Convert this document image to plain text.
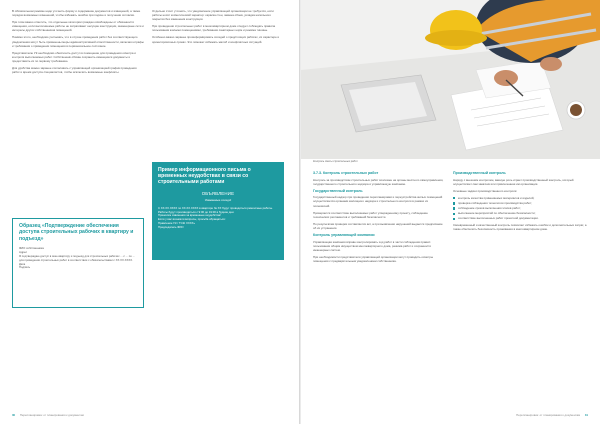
В обязательном режиме надо уточнить форму и содержание документов и извещений, а также порядок возможных изменений, чтобы избежать ошибок при подаче и получении согласия.

При этом важно отметить, что отдельные категории граждан освобождены от обязанности извещения, если выполняемые работы не затрагивают несущие конструкции, инженерные сети и интересы других собственников помещений.

Помимо этого, необходимо учитывать, что в случае проведения работ без соответствующего уведомления могут быть применены меры административной ответственности, включая штрафы и требования о приведении помещения в первоначальное состояние.

Представителю УК необходимо обеспечить доступ в помещение для проведения осмотра и контроля выполняемых работ. Собственник обязан сохранить имеющиеся документы и предоставить их по первому требованию.

Для удобства можно заранее согласовать с управляющей организацией график проведения работ и время доступа специалистов, чтобы исключить возможные конфликты.

Образец «Подтверждение обеспечения доступа строительных рабочих в квартиру и подъезд»
ФИО собственника
Адрес
Я подтверждаю доступ в мою квартиру и подъезд для строительных рабочих ... с ... по ... для проведения строительных работ в соответствии с обязательствами с XX.XX.XXXX.
Дата
Подпись

Отдельно стоит уточнить, что уведомление управляющей организации не требуется, если работы носят косметический характер: окраска стен, замена обоев, укладка напольного покрытия без изменения конструкции.

При проведении строительных работ в многоквартирном доме следует соблюдать правила пользования жилыми помещениями, требования санитарных норм и режима тишины.

Особенно важно заранее проинформировать соседей о предстоящих работах, их характере и ориентировочных сроках. Это поможет избежать жалоб и конфликтных ситуаций.

Пример информационного письма о временных неудобствах в связи со строительными работами
ОБЪЯВЛЕНИЕ
Уважаемые соседи!
С ХХ.ХХ.ХХХХ по ХХ.ХХ.ХХХХ в квартире № XX будут проводиться ремонтные работы. Работы будут производиться с 9:00 до 19:00 в будние дни.
Приносим извинения за временные неудобства!
Если у вас возникли вопросы, просьба обращаться:
Правление УК / ТСЖ XXXX»
Председатель ФИО
30 Перепланировка: от планирования к документам
Контроль сметы строительных работ
3.7.3. Контроль строительных работ

Контроль за производством строительных работ возложен на органы местного самоуправления, государственного строительного надзора и управляющую компанию.

Государственный контроль

Государственный надзор при проведении перепланировки и переустройства жилых помещений осуществляется органами жилищного надзора и строительного контроля в рамках их полномочий.

Проверяется соответствие выполняемых работ утвержденному проекту, соблюдение технических регламентов и требований безопасности.

По результатам проверки составляется акт, а при выявлении нарушений выдается предписание об их устранении.

Контроль управляющей компании

Управляющая компания вправе контролировать ход работ в части соблюдения правил пользования общим имуществом многоквартирного дома, режима работ и сохранности инженерных систем.

При необходимости представители управляющей организации могут проводить осмотры помещения с предварительным уведомлением собственника.

Производственный контроль

Наряду с внешним контролем, важную роль играет производственный контроль, который осуществляет сам заказчик или привлеченная им организация.

Основные задачи производственного контроля:

контроль качества применяемых материалов и изделий;
проверка соблюдения технологии производства работ;
соблюдение сроков выполнения этапов работ;
выполнение мероприятий по обеспечению безопасности;
соответствие выполненных работ проектной документации.

Своевременный и качественный контроль позволяет избежать ошибок и дополнительных затрат, а также обеспечить безопасность проживания в многоквартирном доме.

Перепланировка: от планирования к документам 31
